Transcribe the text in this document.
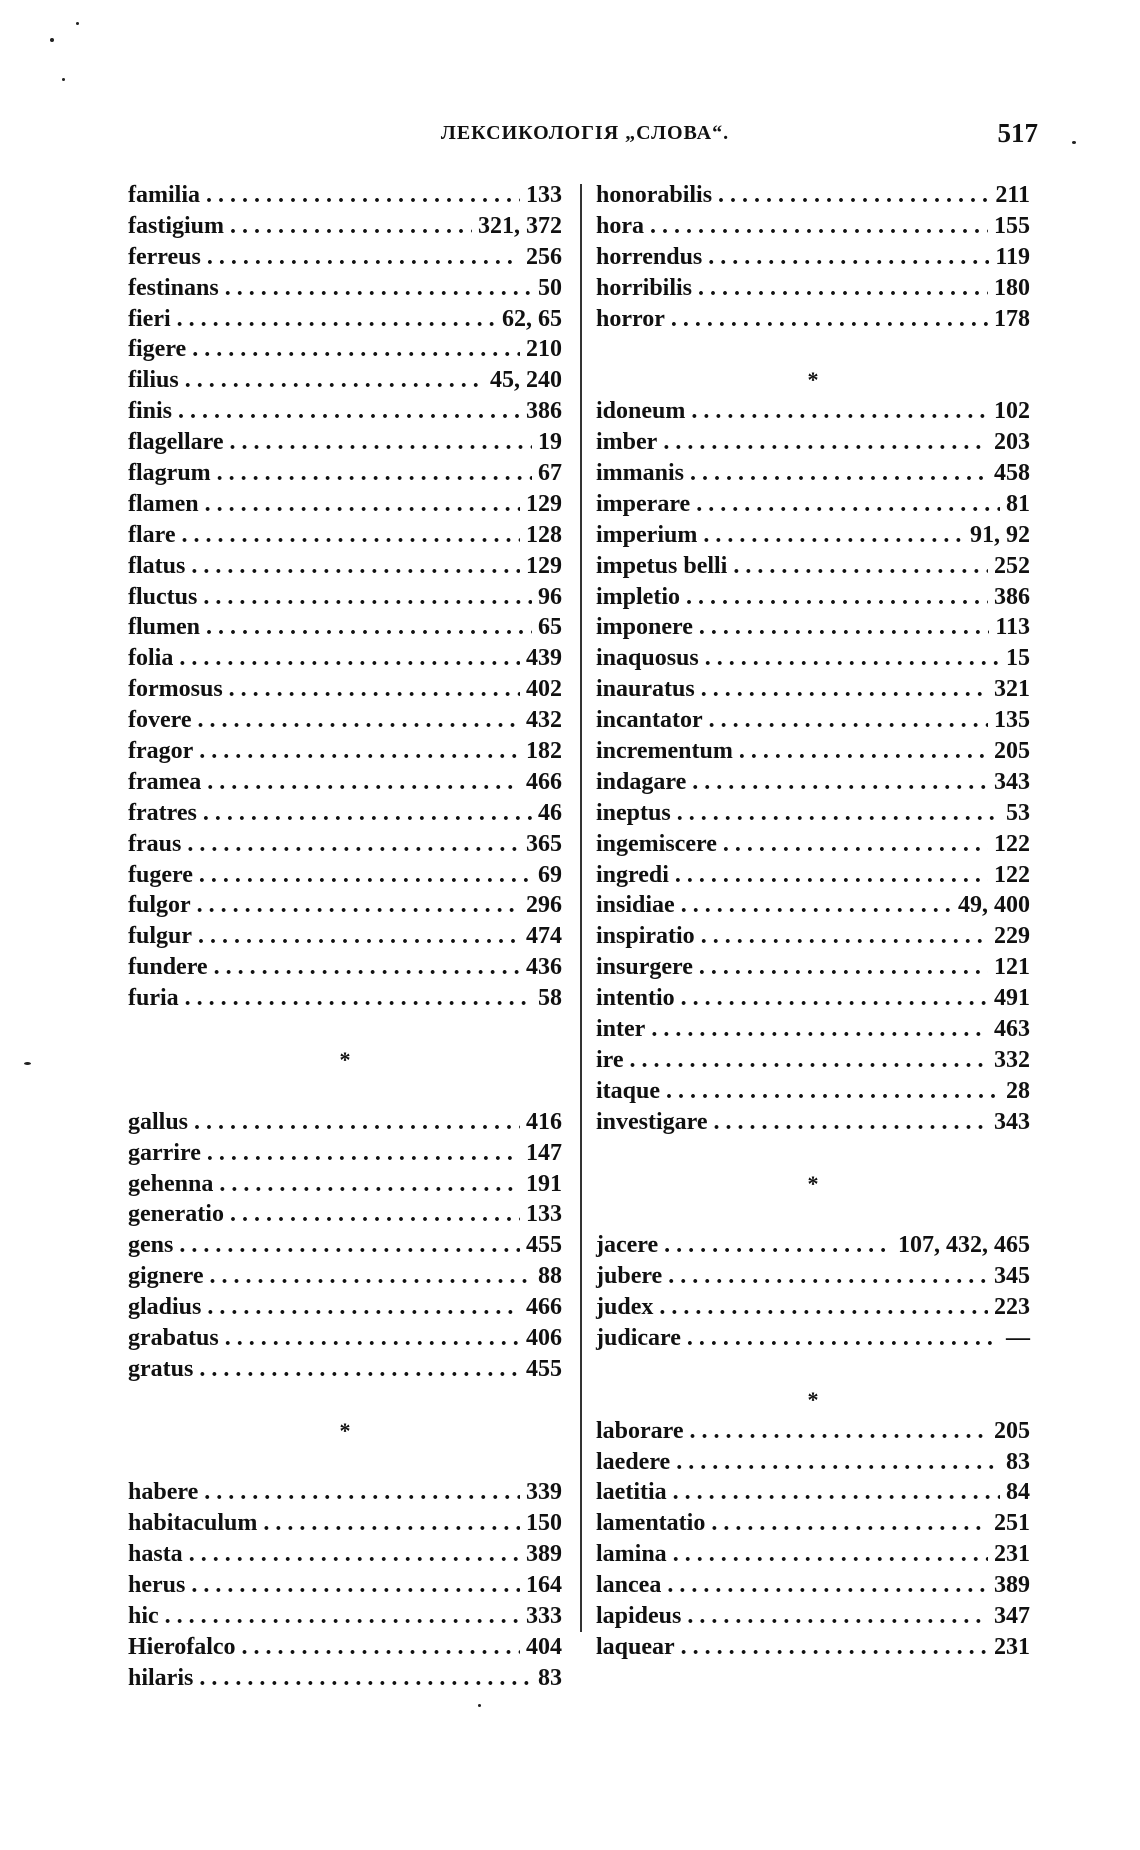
ЛЕКСИКОЛОГІЯ „СЛОВА“.	517
familia . . .	133
fastigium . . .	321, 372
ferreus . . .	256
festinans . . .	50
fieri . . .	62, 65
figere . . .	210
filius . . .	45, 240
finis . . .	386
flagellare . . .	19
flagrum . . .	67
flamen . . .	129
flare . . .	128
flatus . . .	129
fluctus . . .	96
flumen . . .	65
folia . . .	439
formosus . . .	402
fovere . . .	432
fragor . . .	182
framea . . .	466
fratres . . .	46
fraus . . .	365
fugere . . .	69
fulgor . . .	296
fulgur . . .	474
fundere . . .	436
furia . . .	58
*
gallus . . .	416
garrire . . .	147
gehenna . . .	191
generatio . . .	133
gens . . .	455
gignere . . .	88
gladius . . .	466
grabatus . . .	406
gratus . . .	455
*
habere . . .	339
habitaculum . . .	150
hasta . . .	389
herus . . .	164
hic . . .	333
Hierofalco . . .	404
hilaris . . .	83
honorabilis . . .	211
hora . . .	155
horrendus . . .	119
horribilis . . .	180
horror . . .	178
*
idoneum . . .	102
imber . . .	203
immanis . . .	458
imperare . . .	81
imperium . . .	91, 92
impetus belli . . .	252
impletio . . .	386
imponere . . .	113
inaquosus . . .	15
inauratus . . .	321
incantator . . .	135
incrementum . . .	205
indagare . . .	343
ineptus . . .	53
ingemiscere . . .	122
ingredi . . .	122
insidiae . . .	49, 400
inspiratio . . .	229
insurgere . . .	121
intentio . . .	491
inter . . .	463
ire . . .	332
itaque . . .	28
investigare . . .	343
*
jacere . . .	107, 432, 465
jubere . . .	345
judex . . .	223
judicare . . .	—
*
laborare . . .	205
laedere . . .	83
laetitia . . .	84
lamentatio . . .	251
lamina . . .	231
lancea . . .	389
lapideus . . .	347
laquear . . .	231
